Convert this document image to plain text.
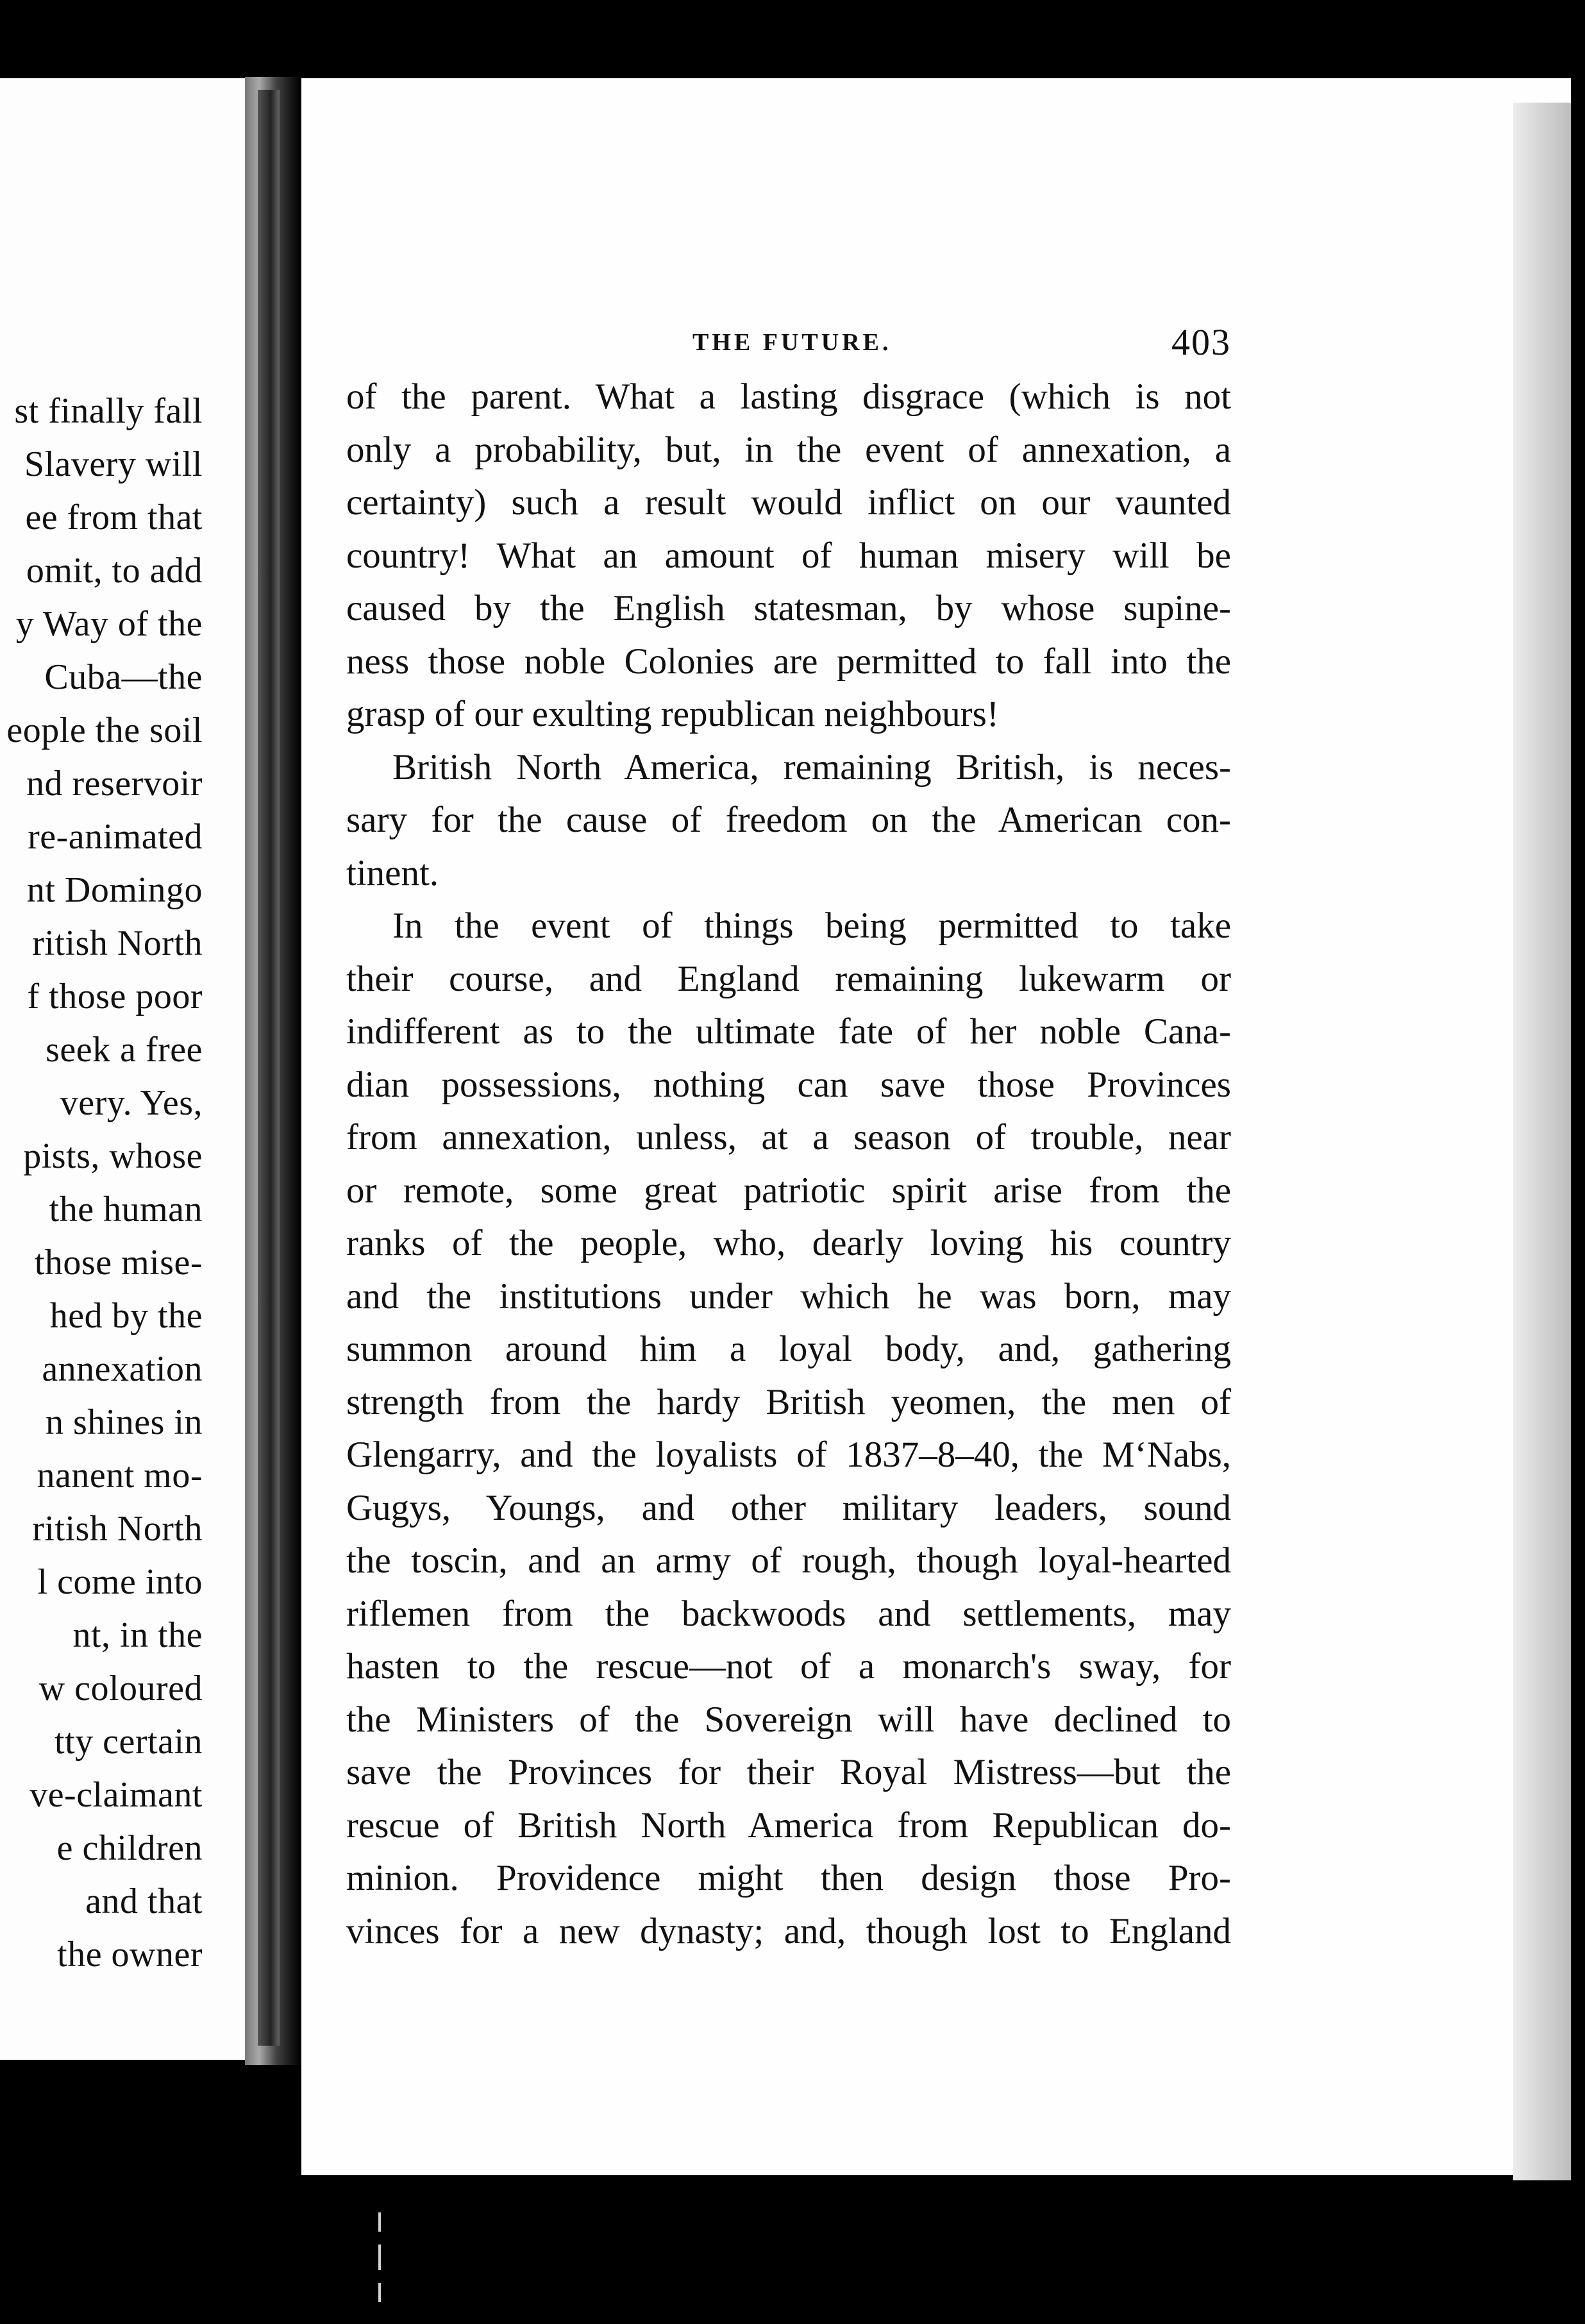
st finally fall
Slavery will
ee from that
omit, to add
y Way of the
Cuba—the
eople the soil
nd reservoir
re-animated
nt Domingo
ritish North
f those poor
seek a free
very. Yes,
pists, whose
the human
those mise-
hed by the
annexation
n shines in
nanent mo-
ritish North
l come into
nt, in the
w coloured
tty certain
ve-claimant
e children
and that
the owner
THE FUTURE.	403
of the parent. What a lasting disgrace (which is not
only a probability, but, in the event of annexation, a
certainty) such a result would inflict on our vaunted
country! What an amount of human misery will be
caused by the English statesman, by whose supine-
ness those noble Colonies are permitted to fall into the
grasp of our exulting republican neighbours!
British North America, remaining British, is neces-
sary for the cause of freedom on the American con-
tinent.
In the event of things being permitted to take
their course, and England remaining lukewarm or
indifferent as to the ultimate fate of her noble Cana-
dian possessions, nothing can save those Provinces
from annexation, unless, at a season of trouble, near
or remote, some great patriotic spirit arise from the
ranks of the people, who, dearly loving his country
and the institutions under which he was born, may
summon around him a loyal body, and, gathering
strength from the hardy British yeomen, the men of
Glengarry, and the loyalists of 1837–8–40, the M‘Nabs,
Gugys, Youngs, and other military leaders, sound
the toscin, and an army of rough, though loyal-hearted
riflemen from the backwoods and settlements, may
hasten to the rescue—not of a monarch's sway, for
the Ministers of the Sovereign will have declined to
save the Provinces for their Royal Mistress—but the
rescue of British North America from Republican do-
minion. Providence might then design those Pro-
vinces for a new dynasty; and, though lost to England
